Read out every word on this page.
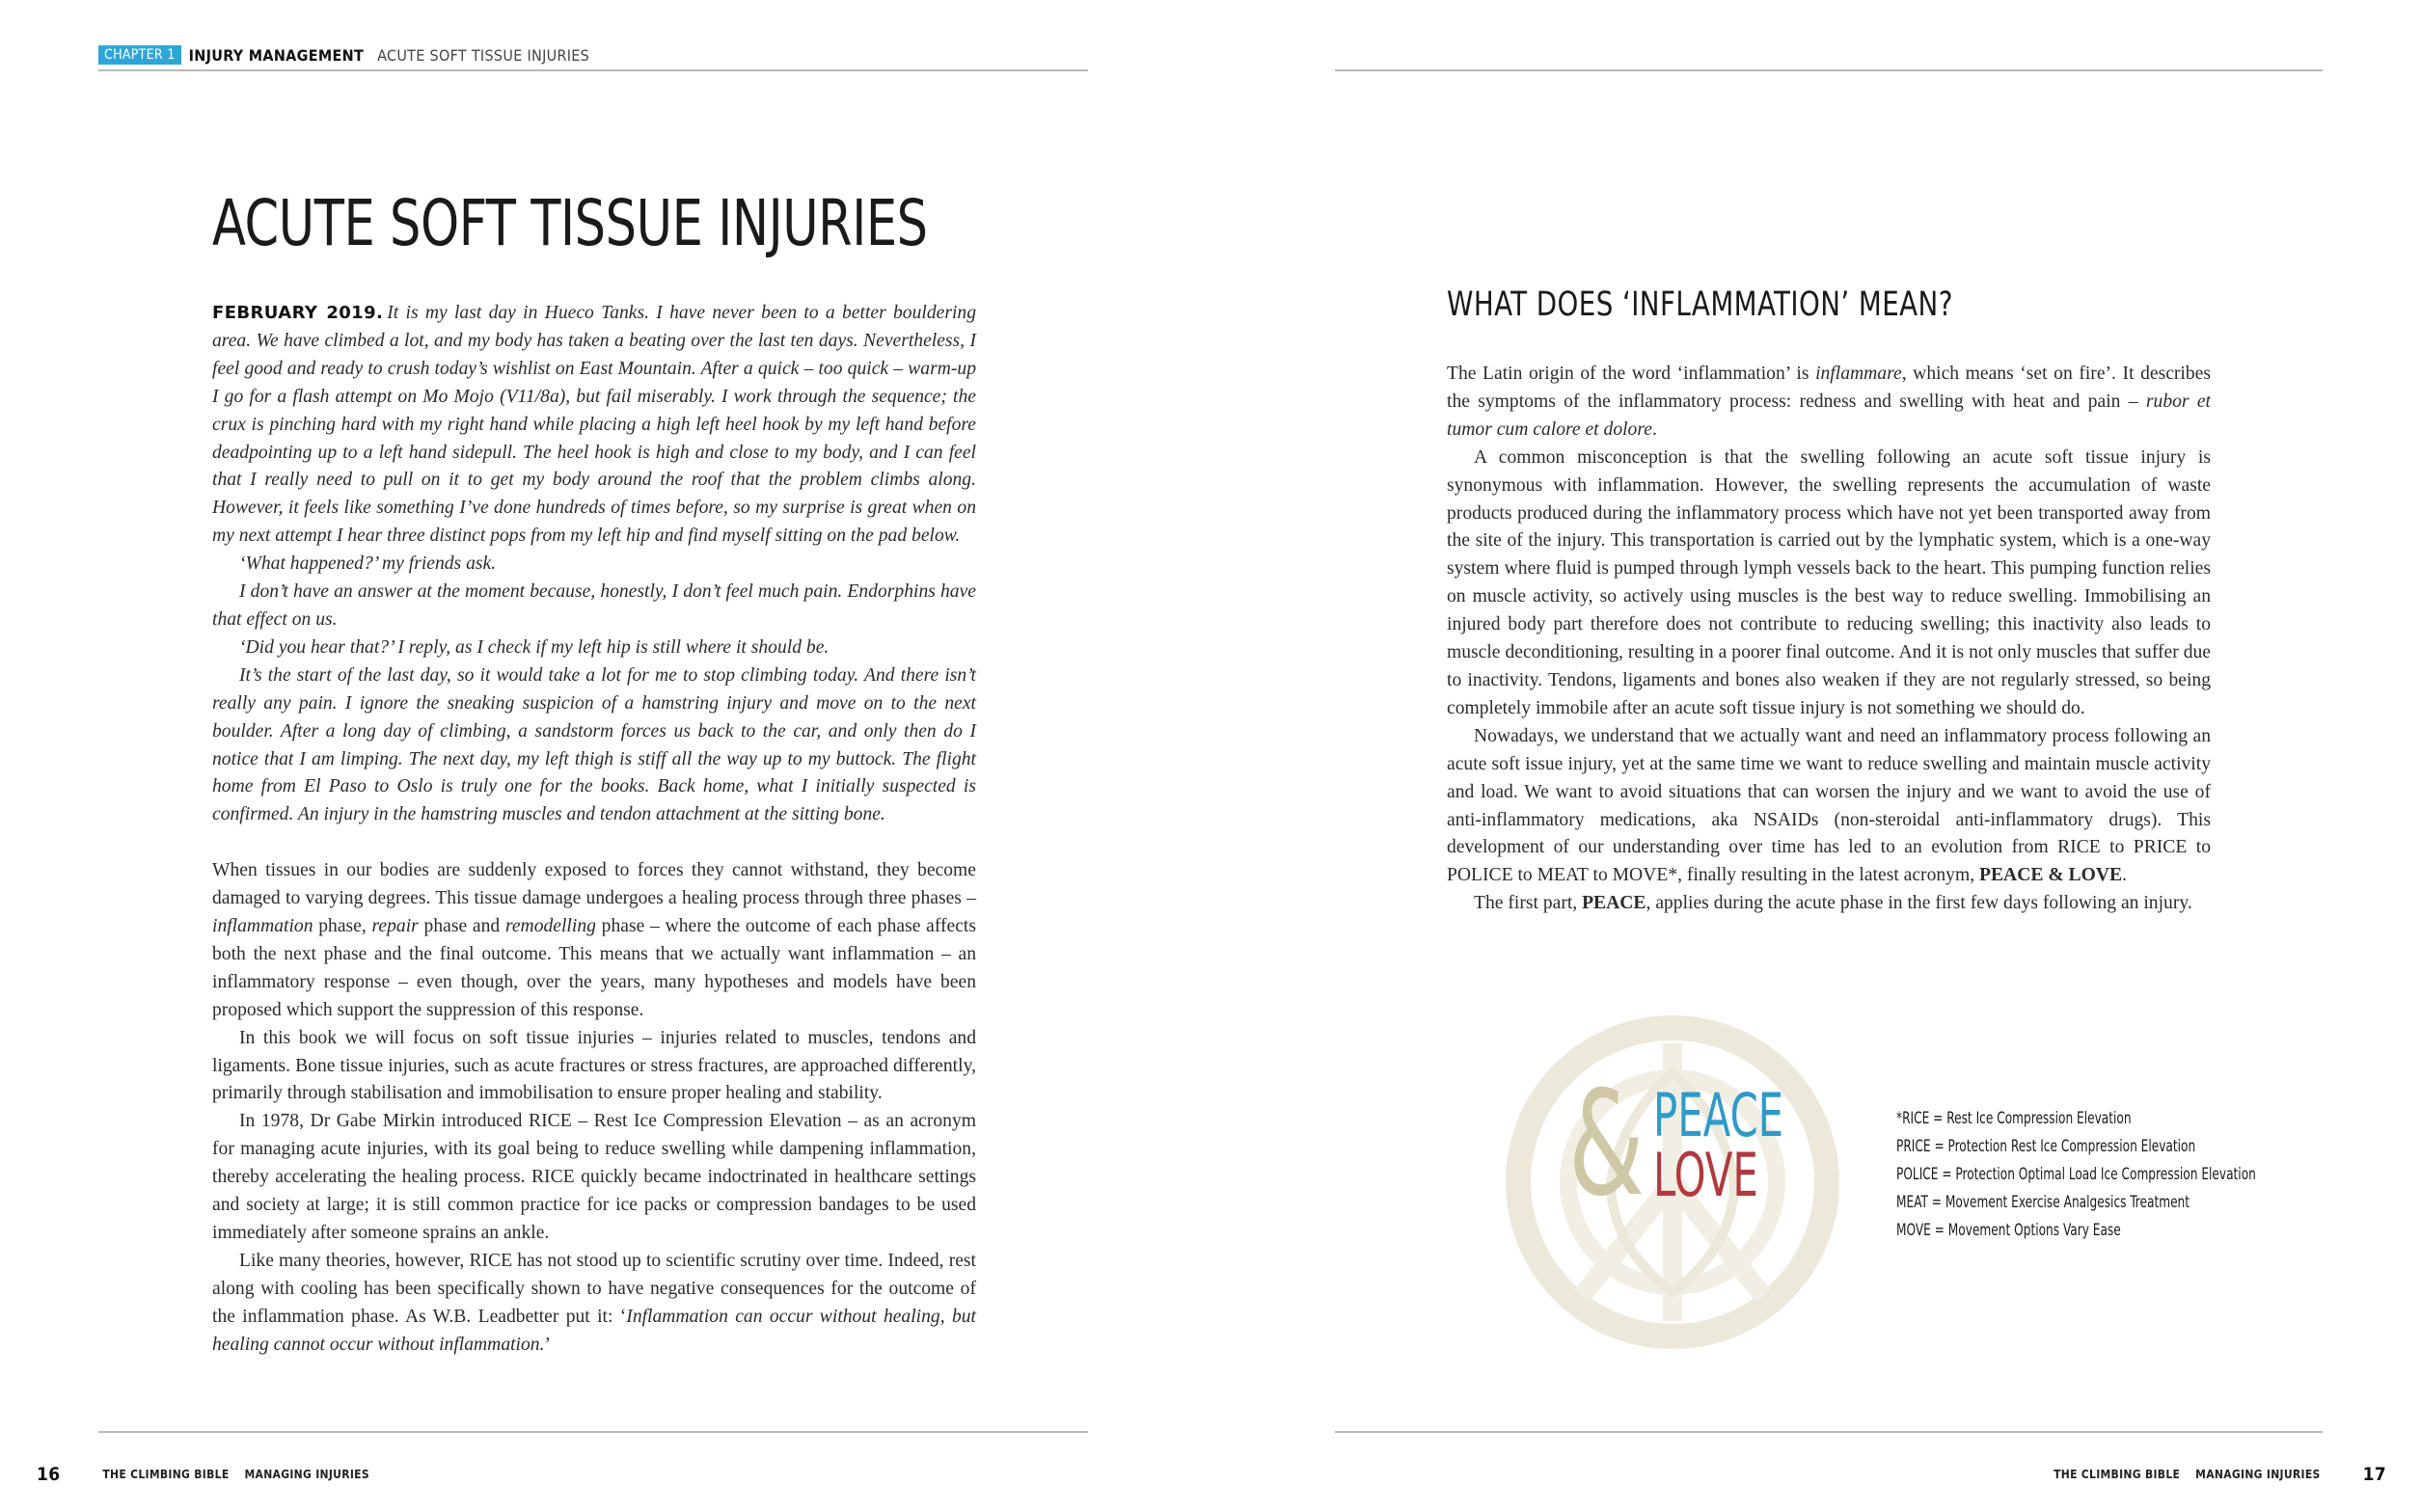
CHAPTER 1 INJURY MANAGEMENT ACUTE SOFT TISSUE INJURIES
ACUTE SOFT TISSUE INJURIES

FEBRUARY 2019. It is my last day in Hueco Tanks. I have never been to a better bouldering area. We have climbed a lot, and my body has taken a beating over the last ten days. Nevertheless, I feel good and ready to crush today’s wishlist on East Mountain. After a quick – too quick – warm-up I go for a flash attempt on Mo Mojo (V11/8a), but fail miserably. I work through the sequence; the crux is pinching hard with my right hand while placing a high left heel hook by my left hand before deadpointing up to a left hand sidepull. The heel hook is high and close to my body, and I can feel that I really need to pull on it to get my body around the roof that the problem climbs along. However, it feels like something I’ve done hundreds of times before, so my surprise is great when on my next attempt I hear three distinct pops from my left hip and find myself sitting on the pad below.

‘What happened?’ my friends ask.

I don’t have an answer at the moment because, honestly, I don’t feel much pain. Endorphins have that effect on us.

‘Did you hear that?’ I reply, as I check if my left hip is still where it should be.

It’s the start of the last day, so it would take a lot for me to stop climbing today. And there isn’t really any pain. I ignore the sneaking suspicion of a hamstring injury and move on to the next boulder. After a long day of climbing, a sandstorm forces us back to the car, and only then do I notice that I am limping. The next day, my left thigh is stiff all the way up to my buttock. The flight home from El Paso to Oslo is truly one for the books. Back home, what I initially suspected is confirmed. An injury in the hamstring muscles and tendon attachment at the sitting bone.

When tissues in our bodies are suddenly exposed to forces they cannot withstand, they become damaged to varying degrees. This tissue damage undergoes a healing process through three phases – inflammation phase, repair phase and remodelling phase – where the outcome of each phase affects both the next phase and the final outcome. This means that we actually want inflammation – an inflammatory response – even though, over the years, many hypotheses and models have been proposed which support the suppression of this response.

In this book we will focus on soft tissue injuries – injuries related to muscles, tendons and ligaments. Bone tissue injuries, such as acute fractures or stress fractures, are approached differently, primarily through stabilisation and immobilisation to ensure proper healing and stability.

In 1978, Dr Gabe Mirkin introduced RICE – Rest Ice Compression Elevation – as an acronym for managing acute injuries, with its goal being to reduce swelling while dampening inflammation, thereby accelerating the healing process. RICE quickly became indoctrinated in healthcare settings and society at large; it is still common practice for ice packs or compression bandages to be used immediately after someone sprains an ankle.

Like many theories, however, RICE has not stood up to scientific scrutiny over time. Indeed, rest along with cooling has been specifically shown to have negative consequences for the outcome of the inflammation phase. As W.B. Leadbetter put it: ‘Inflammation can occur without healing, but healing cannot occur without inflammation.’

WHAT DOES ‘INFLAMMATION’ MEAN?

The Latin origin of the word ‘inflammation’ is inflammare, which means ‘set on fire’. It describes the symptoms of the inflammatory process: redness and swelling with heat and pain – rubor et tumor cum calore et dolore.

A common misconception is that the swelling following an acute soft tissue injury is synonymous with inflammation. However, the swelling represents the accumulation of waste products produced during the inflammatory process which have not yet been transported away from the site of the injury. This transportation is carried out by the lymphatic system, which is a one-way system where fluid is pumped through lymph vessels back to the heart. This pumping function relies on muscle activity, so actively using muscles is the best way to reduce swelling. Immobilising an injured body part therefore does not contribute to reducing swelling; this inactivity also leads to muscle deconditioning, resulting in a poorer final outcome. And it is not only muscles that suffer due to inactivity. Tendons, ligaments and bones also weaken if they are not regularly stressed, so being completely immobile after an acute soft tissue injury is not something we should do.

Nowadays, we understand that we actually want and need an inflammatory process following an acute soft issue injury, yet at the same time we want to reduce swelling and maintain muscle activity and load. We want to avoid situations that can worsen the injury and we want to avoid the use of anti-inflammatory medications, aka NSAIDs (non-steroidal anti-inflammatory drugs). This development of our understanding over time has led to an evolution from RICE to PRICE to POLICE to MEAT to MOVE*, finally resulting in the latest acronym, PEACE & LOVE.

The first part, PEACE, applies during the acute phase in the first few days following an injury.

& PEACE
LOVE
*RICE = Rest Ice Compression Elevation
PRICE = Protection Rest Ice Compression Elevation
POLICE = Protection Optimal Load Ice Compression Elevation
MEAT = Movement Exercise Analgesics Treatment
MOVE = Movement Options Vary Ease
16	THE CLIMBING BIBLE MANAGING INJURIES	THE CLIMBING BIBLE MANAGING INJURIES 17
